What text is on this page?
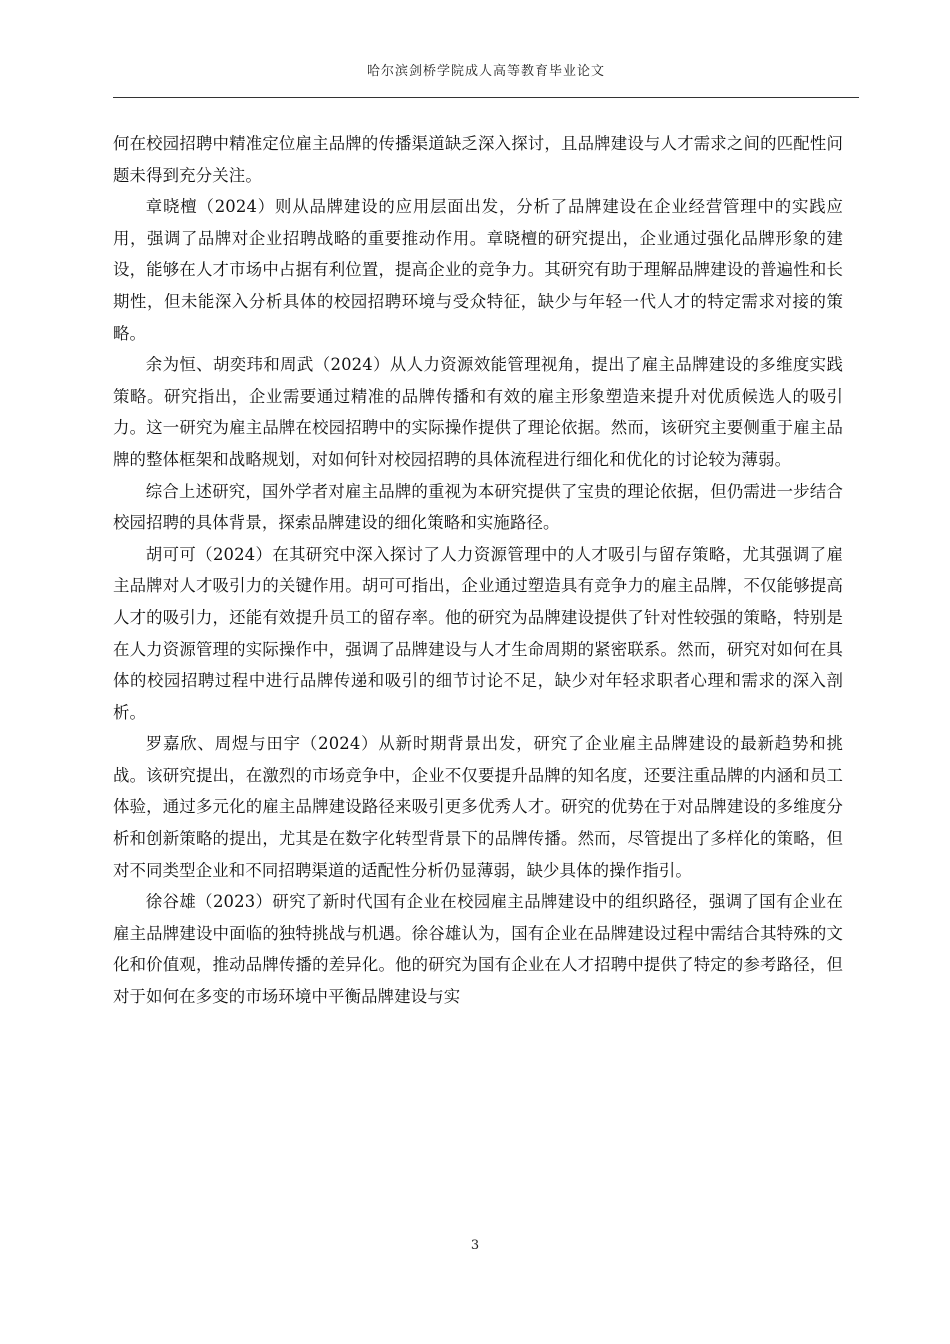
哈尔滨剑桥学院成人高等教育毕业论文

何在校园招聘中精准定位雇主品牌的传播渠道缺乏深入探讨，且品牌建设与人才需求之间的匹配性问题未得到充分关注。

章晓檀（2024）则从品牌建设的应用层面出发，分析了品牌建设在企业经营管理中的实践应用，强调了品牌对企业招聘战略的重要推动作用。章晓檀的研究提出，企业通过强化品牌形象的建设，能够在人才市场中占据有利位置，提高企业的竞争力。其研究有助于理解品牌建设的普遍性和长期性，但未能深入分析具体的校园招聘环境与受众特征，缺少与年轻一代人才的特定需求对接的策略。

余为恒、胡奕玮和周武（2024）从人力资源效能管理视角，提出了雇主品牌建设的多维度实践策略。研究指出，企业需要通过精准的品牌传播和有效的雇主形象塑造来提升对优质候选人的吸引力。这一研究为雇主品牌在校园招聘中的实际操作提供了理论依据。然而，该研究主要侧重于雇主品牌的整体框架和战略规划，对如何针对校园招聘的具体流程进行细化和优化的讨论较为薄弱。

综合上述研究，国外学者对雇主品牌的重视为本研究提供了宝贵的理论依据，但仍需进一步结合校园招聘的具体背景，探索品牌建设的细化策略和实施路径。

胡可可（2024）在其研究中深入探讨了人力资源管理中的人才吸引与留存策略，尤其强调了雇主品牌对人才吸引力的关键作用。胡可可指出，企业通过塑造具有竞争力的雇主品牌，不仅能够提高人才的吸引力，还能有效提升员工的留存率。他的研究为品牌建设提供了针对性较强的策略，特别是在人力资源管理的实际操作中，强调了品牌建设与人才生命周期的紧密联系。然而，研究对如何在具体的校园招聘过程中进行品牌传递和吸引的细节讨论不足，缺少对年轻求职者心理和需求的深入剖析。

罗嘉欣、周煜与田宇（2024）从新时期背景出发，研究了企业雇主品牌建设的最新趋势和挑战。该研究提出，在激烈的市场竞争中，企业不仅要提升品牌的知名度，还要注重品牌的内涵和员工体验，通过多元化的雇主品牌建设路径来吸引更多优秀人才。研究的优势在于对品牌建设的多维度分析和创新策略的提出，尤其是在数字化转型背景下的品牌传播。然而，尽管提出了多样化的策略，但对不同类型企业和不同招聘渠道的适配性分析仍显薄弱，缺少具体的操作指引。

徐谷雄（2023）研究了新时代国有企业在校园雇主品牌建设中的组织路径，强调了国有企业在雇主品牌建设中面临的独特挑战与机遇。徐谷雄认为，国有企业在品牌建设过程中需结合其特殊的文化和价值观，推动品牌传播的差异化。他的研究为国有企业在人才招聘中提供了特定的参考路径，但对于如何在多变的市场环境中平衡品牌建设与实

3
